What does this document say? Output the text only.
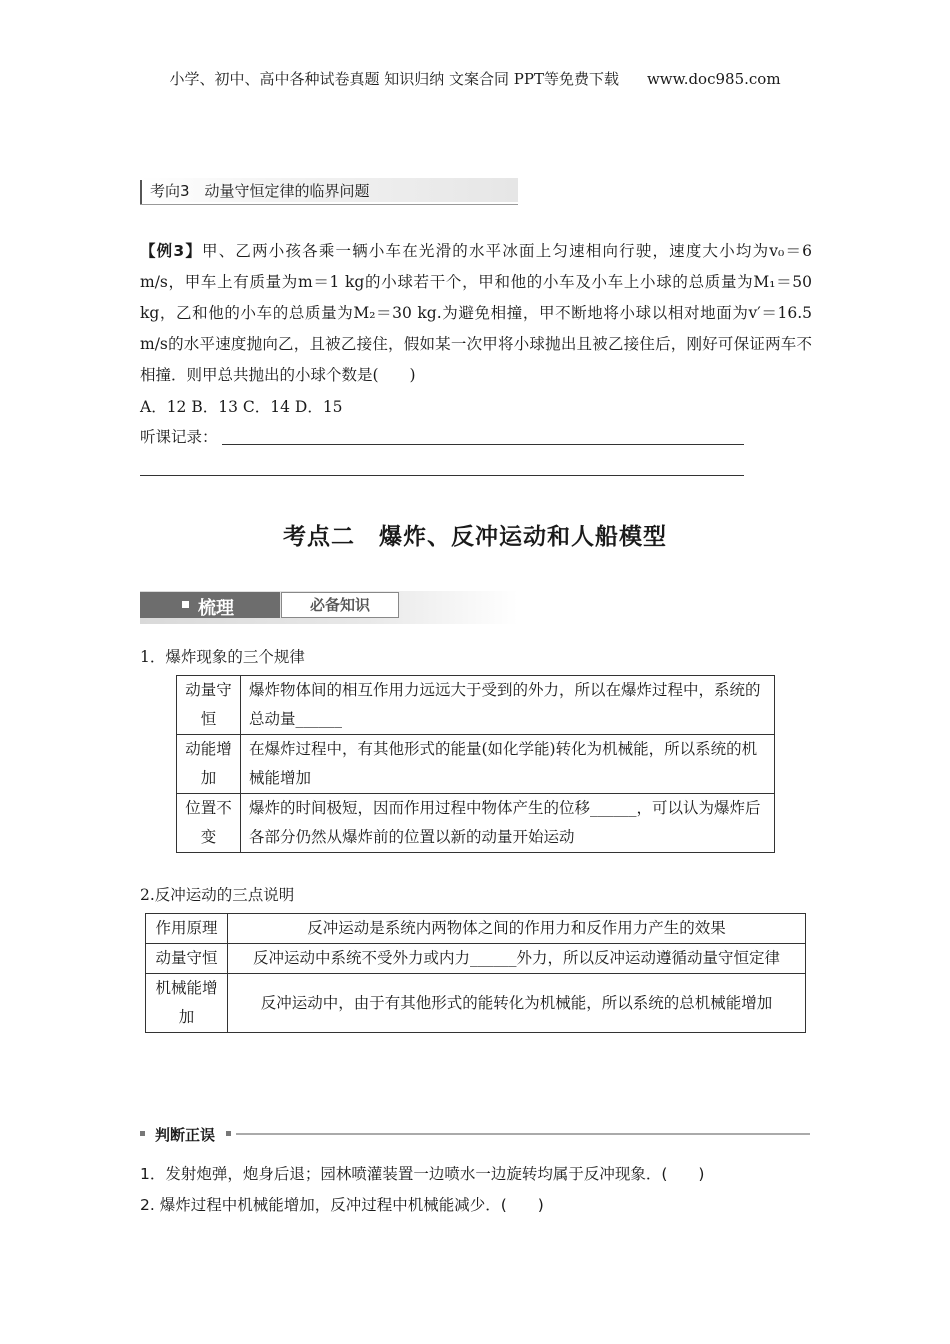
小学、初中、高中各种试卷真题 知识归纳 文案合同 PPT等免费下载 www.doc985.com
考向3　动量守恒定律的临界问题
【例3】甲、乙两小孩各乘一辆小车在光滑的水平冰面上匀速相向行驶，速度大小均为v₀＝6 m/s，甲车上有质量为m＝1 kg的小球若干个，甲和他的小车及小车上小球的总质量为M₁＝50 kg，乙和他的小车的总质量为M₂＝30 kg.为避免相撞，甲不断地将小球以相对地面为v′＝16.5 m/s的水平速度抛向乙，且被乙接住，假如某一次甲将小球抛出且被乙接住后，刚好可保证两车不相撞．则甲总共抛出的小球个数是(　　)
A．12 B．13 C．14 D．15
听课记录：
考点二　爆炸、反冲运动和人船模型
梳理	必备知识
1．爆炸现象的三个规律
动量守恒	爆炸物体间的相互作用力远远大于受到的外力，所以在爆炸过程中，系统的总动量______
动能增加	在爆炸过程中，有其他形式的能量(如化学能)转化为机械能，所以系统的机械能增加
位置不变	爆炸的时间极短，因而作用过程中物体产生的位移______，可以认为爆炸后各部分仍然从爆炸前的位置以新的动量开始运动
2.反冲运动的三点说明
作用原理	反冲运动是系统内两物体之间的作用力和反作用力产生的效果
动量守恒	反冲运动中系统不受外力或内力______外力，所以反冲运动遵循动量守恒定律
机械能增加	反冲运动中，由于有其他形式的能转化为机械能，所以系统的总机械能增加
判断正误
1．发射炮弹，炮身后退；园林喷灌装置一边喷水一边旋转均属于反冲现象．(　　)
2. 爆炸过程中机械能增加，反冲过程中机械能减少．(　　)
